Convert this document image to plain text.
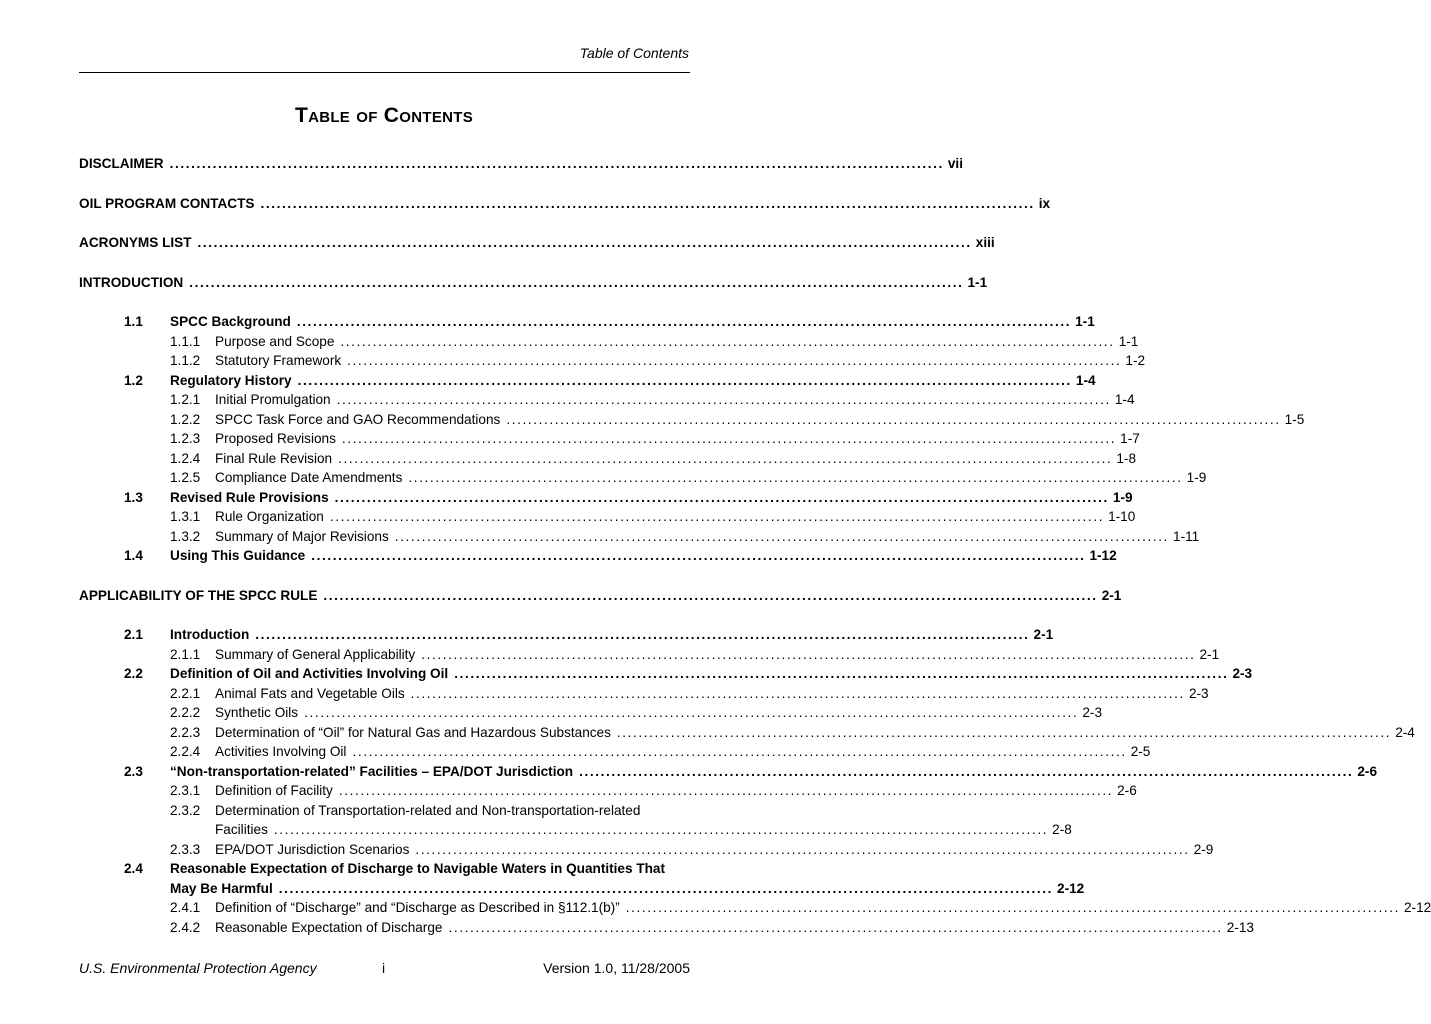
Table of Contents
Table of Contents
DISCLAIMER ................................................................................................................................................ vii
OIL PROGRAM CONTACTS ................................................................................................................................................ ix
ACRONYMS LIST ................................................................................................................................................ xiii
INTRODUCTION ................................................................................................................................................ 1-1
1.1 SPCC Background ................................................................................................................................................ 1-1
1.1.1 Purpose and Scope ................................................................................................................................................ 1-1
1.1.2 Statutory Framework ................................................................................................................................................ 1-2
1.2 Regulatory History ................................................................................................................................................ 1-4
1.2.1 Initial Promulgation ................................................................................................................................................ 1-4
1.2.2 SPCC Task Force and GAO Recommendations ................................................................................................................................................ 1-5
1.2.3 Proposed Revisions ................................................................................................................................................ 1-7
1.2.4 Final Rule Revision ................................................................................................................................................ 1-8
1.2.5 Compliance Date Amendments ................................................................................................................................................ 1-9
1.3 Revised Rule Provisions ................................................................................................................................................ 1-9
1.3.1 Rule Organization ................................................................................................................................................ 1-10
1.3.2 Summary of Major Revisions ................................................................................................................................................ 1-11
1.4 Using This Guidance ................................................................................................................................................ 1-12
APPLICABILITY OF THE SPCC RULE ................................................................................................................................................ 2-1
2.1 Introduction ................................................................................................................................................ 2-1
2.1.1 Summary of General Applicability ................................................................................................................................................ 2-1
2.2 Definition of Oil and Activities Involving Oil ................................................................................................................................................ 2-3
2.2.1 Animal Fats and Vegetable Oils ................................................................................................................................................ 2-3
2.2.2 Synthetic Oils ................................................................................................................................................ 2-3
2.2.3 Determination of “Oil” for Natural Gas and Hazardous Substances ................................................................................................................................................ 2-4
2.2.4 Activities Involving Oil ................................................................................................................................................ 2-5
2.3 “Non-transportation-related” Facilities – EPA/DOT Jurisdiction ................................................................................................................................................ 2-6
2.3.1 Definition of Facility ................................................................................................................................................ 2-6
2.3.2 Determination of Transportation-related and Non-transportation-related
Facilities ................................................................................................................................................ 2-8
2.3.3 EPA/DOT Jurisdiction Scenarios ................................................................................................................................................ 2-9
2.4 Reasonable Expectation of Discharge to Navigable Waters in Quantities That
May Be Harmful ................................................................................................................................................ 2-12
2.4.1 Definition of “Discharge” and “Discharge as Described in §112.1(b)” ................................................................................................................................................ 2-12
2.4.2 Reasonable Expectation of Discharge ................................................................................................................................................ 2-13
U.S. Environmental Protection Agency	i	Version 1.0, 11/28/2005
